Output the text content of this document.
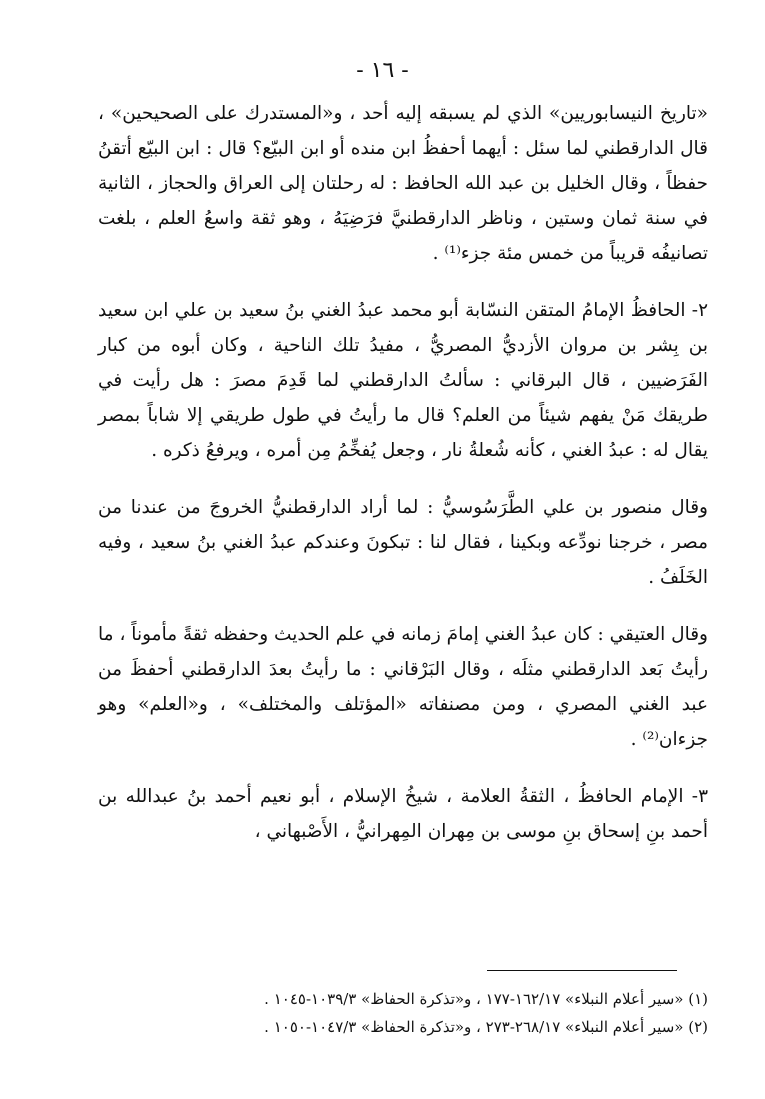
- ١٦ -

«تاريخ النيسابوريين» الذي لم يسبقه إليه أحد ، و«المستدرك على الصحيحين» ، قال الدارقطني لما سئل : أيهما أحفظُ ابن منده أو ابن البيّع؟ قال : ابن البيّع أتقنُ حفظاً ، وقال الخليل بن عبد الله الحافظ : له رحلتان إلى العراق والحجاز ، الثانية في سنة ثمان وستين ، وناظر الدارقطنيَّ فرَضِيَهُ ، وهو ثقة واسعُ العلم ، بلغت تصانيفُه قريباً من خمس مئة جزء⁽¹⁾ .

٢- الحافظُ الإمامُ المتقن النسّابة أبو محمد عبدُ الغني بنُ سعيد بن علي ابن سعيد بن بِشر بن مروان الأزديُّ المصريُّ ، مفيدُ تلك الناحية ، وكان أبوه من كبار الفَرَضيين ، قال البرقاني : سألتُ الدارقطني لما قَدِمَ مصرَ : هل رأيت في طريقك مَنْ يفهم شيئاً من العلم؟ قال ما رأيتُ في طول طريقي إلا شاباً بمصر يقال له : عبدُ الغني ، كأنه شُعلةُ نار ، وجعل يُفخِّمُ مِن أمره ، ويرفعُ ذكره .

وقال منصور بن علي الطَّرَسُوسيُّ : لما أراد الدارقطنيُّ الخروجَ من عندنا من مصر ، خرجنا نودِّعه وبكينا ، فقال لنا : تبكونَ وعندكم عبدُ الغني بنُ سعيد ، وفيه الخَلَفُ .

وقال العتيقي : كان عبدُ الغني إمامَ زمانه في علم الحديث وحفظه ثقةً مأموناً ، ما رأيتُ بَعد الدارقطني مثلَه ، وقال البَرْقاني : ما رأيتُ بعدَ الدارقطني أحفظَ من عبد الغني المصري ، ومن مصنفاته «المؤتلف والمختلف» ، و«العلم» وهو جزءان⁽²⁾ .

٣- الإمام الحافظُ ، الثقةُ العلامة ، شيخُ الإسلام ، أبو نعيم أحمد بنُ عبدالله بن أحمد بنِ إسحاق بنِ موسى بن مِهران المِهرانيُّ ، الأَصْبهاني ،

(١) «سير أعلام النبلاء» ١٦٢/١٧-١٧٧ ، و«تذكرة الحفاظ» ١٠٣٩/٣-١٠٤٥ .

(٢) «سير أعلام النبلاء» ٢٦٨/١٧-٢٧٣ ، و«تذكرة الحفاظ» ١٠٤٧/٣-١٠٥٠ .
